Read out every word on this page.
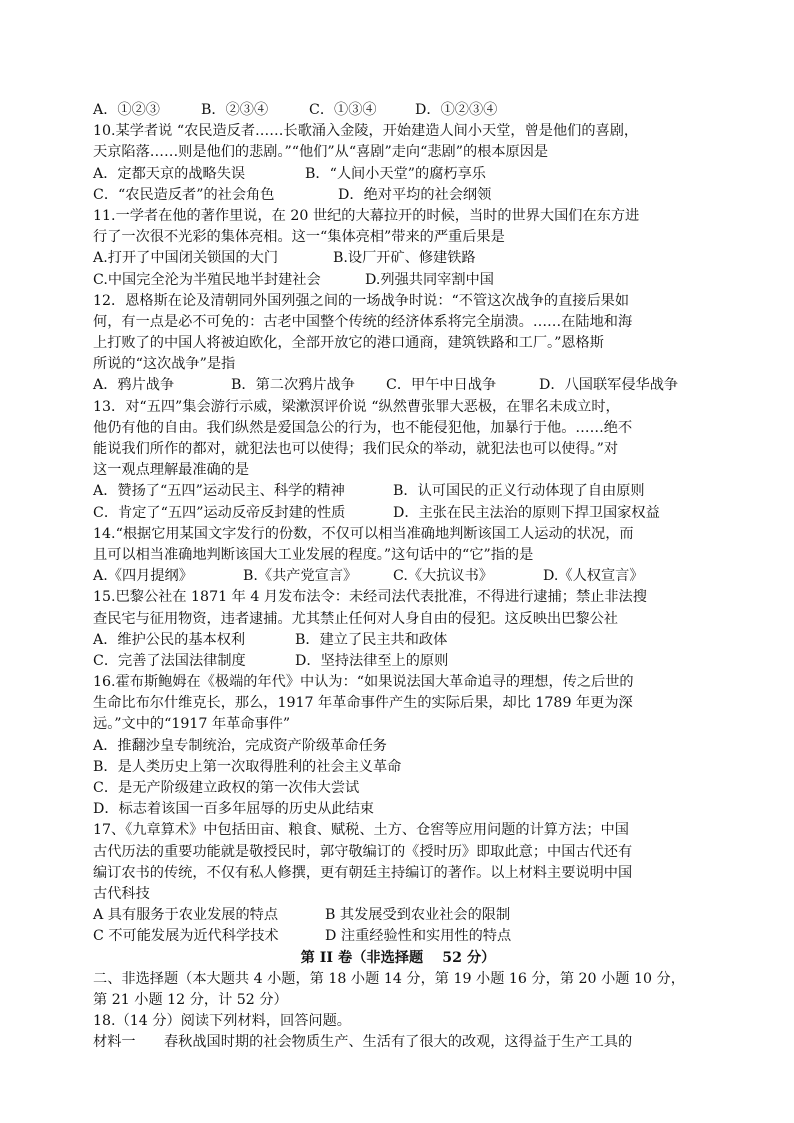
A．①②③	B．②③④	C．①③④	D．①②③④
10.某学者说 “农民造反者……长歌涌入金陵，开始建造人间小天堂，曾是他们的喜剧，
天京陷落……则是他们的悲剧。”“他们”从“喜剧”走向“悲剧”的根本原因是
A．定都天京的战略失误	B．“人间小天堂”的腐朽享乐
C．“农民造反者”的社会角色	D．绝对平均的社会纲领
11.一学者在他的著作里说，在 20 世纪的大幕拉开的时候，当时的世界大国们在东方进
行了一次很不光彩的集体亮相。这一“集体亮相”带来的严重后果是
A.打开了中国闭关锁国的大门	B.设厂开矿、修建铁路
C.中国完全沦为半殖民地半封建社会	D.列强共同宰割中国
12．恩格斯在论及清朝同外国列强之间的一场战争时说：“不管这次战争的直接后果如
何，有一点是必不可免的：古老中国整个传统的经济体系将完全崩溃。……在陆地和海
上打败了的中国人将被迫欧化，全部开放它的港口通商，建筑铁路和工厂。”恩格斯
所说的“这次战争”是指
A．鸦片战争	B．第二次鸦片战争	C．甲午中日战争	D．八国联军侵华战争
13．对“五四”集会游行示威，梁漱溟评价说 “纵然曹张罪大恶极，在罪名未成立时，
他仍有他的自由。我们纵然是爱国急公的行为，也不能侵犯他，加暴行于他。……绝不
能说我们所作的都对，就犯法也可以使得；我们民众的举动，就犯法也可以使得。”对
这一观点理解最准确的是
A．赞扬了“五四”运动民主、科学的精神	B．认可国民的正义行动体现了自由原则
C．肯定了“五四”运动反帝反封建的性质	D．主张在民主法治的原则下捍卫国家权益
14.“根据它用某国文字发行的份数，不仅可以相当准确地判断该国工人运动的状况，而
且可以相当准确地判断该国大工业发展的程度。”这句话中的“它”指的是
A.《四月提纲》	B.《共产党宣言》	C.《大抗议书》	D.《人权宣言》
15.巴黎公社在 1871 年 4 月发布法令：未经司法代表批准，不得进行逮捕；禁止非法搜
查民宅与征用物资，违者逮捕。尤其禁止任何对人身自由的侵犯。这反映出巴黎公社
A．维护公民的基本权利	B．建立了民主共和政体
C．完善了法国法律制度	D．坚持法律至上的原则
16.霍布斯鲍姆在《极端的年代》中认为：“如果说法国大革命追寻的理想，传之后世的
生命比布尔什维克长，那么，1917 年革命事件产生的实际后果，却比 1789 年更为深
远。”文中的“1917 年革命事件”
A．推翻沙皇专制统治，完成资产阶级革命任务
B．是人类历史上第一次取得胜利的社会主义革命
C．是无产阶级建立政权的第一次伟大尝试
D．标志着该国一百多年屈辱的历史从此结束
17、《九章算术》中包括田亩、粮食、赋税、土方、仓窖等应用问题的计算方法；中国
古代历法的重要功能就是敬授民时，郭守敬编订的《授时历》即取此意；中国古代还有
编订农书的传统，不仅有私人修撰，更有朝廷主持编订的著作。以上材料主要说明中国
古代科技
A 具有服务于农业发展的特点	B 其发展受到农业社会的限制
C 不可能发展为近代科学技术	D 注重经验性和实用性的特点
第 II 卷（非选择题　 52 分）
二、非选择题（本大题共 4 小题，第 18 小题 14 分，第 19 小题 16 分，第 20 小题 10 分，
第 21 小题 12 分，计 52 分）
18.（14 分）阅读下列材料，回答问题。
材料一　　春秋战国时期的社会物质生产、生活有了很大的改观，这得益于生产工具的
